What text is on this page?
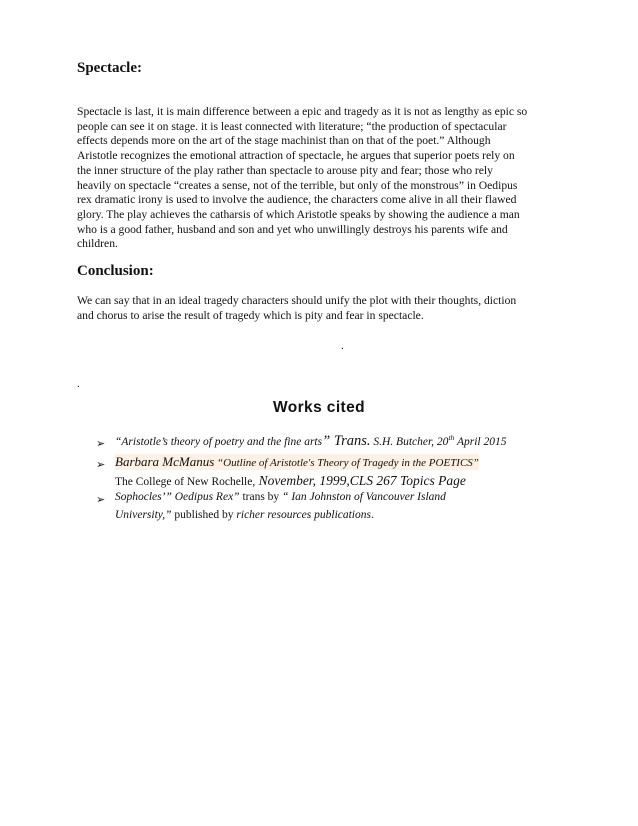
Spectacle:
Spectacle is last, it is main difference between a epic and tragedy as it is not as lengthy as epic so
people can see it on stage. it is least connected with literature; “the production of spectacular
effects depends more on the art of the stage machinist than on that of the poet.” Although
Aristotle recognizes the emotional attraction of spectacle, he argues that superior poets rely on
the inner structure of the play rather than spectacle to arouse pity and fear; those who rely
heavily on spectacle “creates a sense, not of the terrible, but only of the monstrous” in Oedipus
rex dramatic irony is used to involve the audience, the characters come alive in all their flawed
glory. The play achieves the catharsis of which Aristotle speaks by showing the audience a man
who is a good father, husband and son and yet who unwillingly destroys his parents wife and
children.
Conclusion:
We can say that in an ideal tragedy characters should unify the plot with their thoughts, diction
and chorus to arise the result of tragedy which is pity and fear in spectacle.
.
.
Works cited
➢ “Aristotle’s theory of poetry and the fine arts” Trans. S.H. Butcher, 20th April 2015
➢ Barbara McManus “Outline of Aristotle's Theory of Tragedy in the POETICS”
The College of New Rochelle, November, 1999,CLS 267 Topics Page
➢ Sophocles’” Oedipus Rex” trans by “ Ian Johnston of Vancouver Island
University,” published by richer resources publications.
